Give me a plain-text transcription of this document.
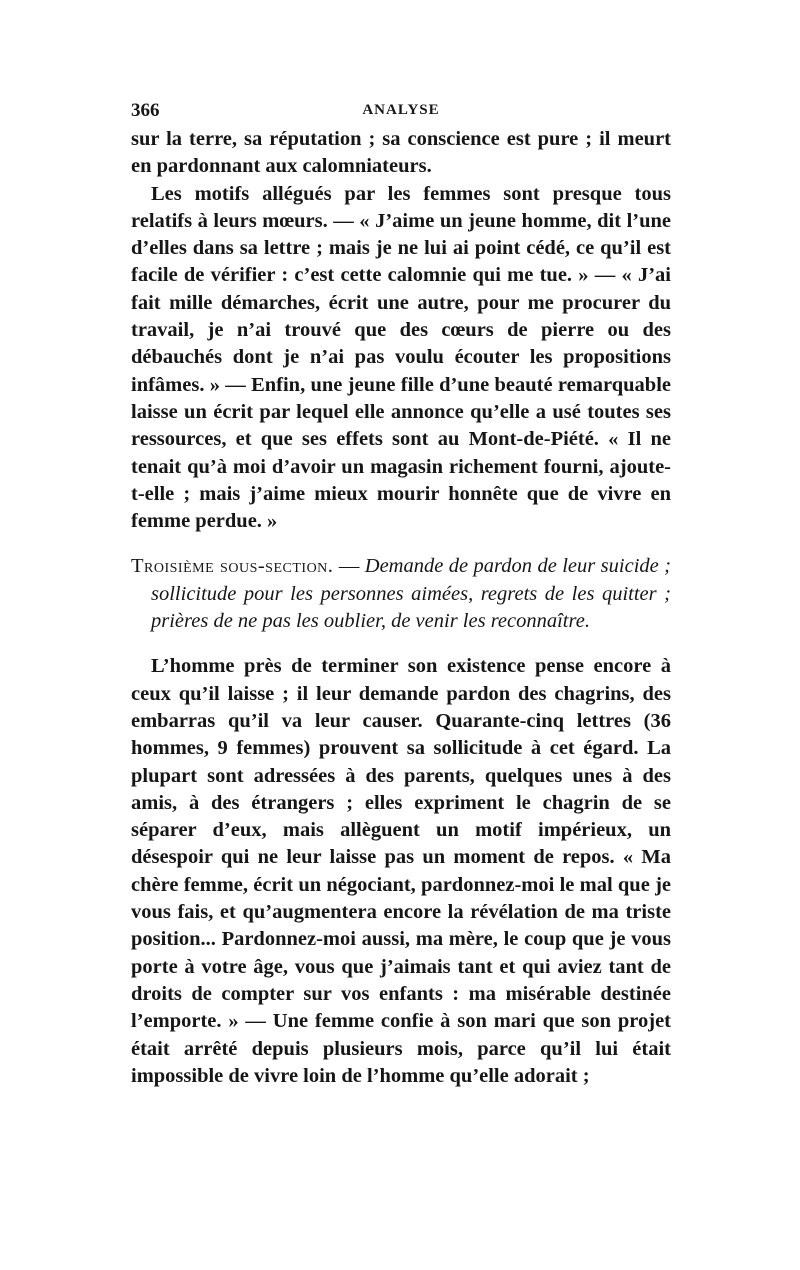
366	ANALYSE

sur la terre, sa réputation ; sa conscience est pure ; il meurt en pardonnant aux calomniateurs.

Les motifs allégués par les femmes sont presque tous relatifs à leurs mœurs. — « J’aime un jeune homme, dit l’une d’elles dans sa lettre ; mais je ne lui ai point cédé, ce qu’il est facile de vérifier : c’est cette calomnie qui me tue. » — « J’ai fait mille démarches, écrit une autre, pour me procurer du travail, je n’ai trouvé que des cœurs de pierre ou des débauchés dont je n’ai pas voulu écouter les propositions infâmes. » — Enfin, une jeune fille d’une beauté remarquable laisse un écrit par lequel elle annonce qu’elle a usé toutes ses ressources, et que ses effets sont au Mont-de-Piété. « Il ne tenait qu’à moi d’avoir un magasin richement fourni, ajoute-t-elle ; mais j’aime mieux mourir honnête que de vivre en femme perdue. »

Troisième sous-section. — Demande de pardon de leur suicide ; sollicitude pour les personnes aimées, regrets de les quitter ; prières de ne pas les oublier, de venir les reconnaître.

L’homme près de terminer son existence pense encore à ceux qu’il laisse ; il leur demande pardon des chagrins, des embarras qu’il va leur causer. Quarante-cinq lettres (36 hommes, 9 femmes) prouvent sa sollicitude à cet égard. La plupart sont adressées à des parents, quelques unes à des amis, à des étrangers ; elles expriment le chagrin de se séparer d’eux, mais allèguent un motif impérieux, un désespoir qui ne leur laisse pas un moment de repos. « Ma chère femme, écrit un négociant, pardonnez-moi le mal que je vous fais, et qu’augmentera encore la révélation de ma triste position... Pardonnez-moi aussi, ma mère, le coup que je vous porte à votre âge, vous que j’aimais tant et qui aviez tant de droits de compter sur vos enfants : ma misérable destinée l’emporte. » — Une femme confie à son mari que son projet était arrêté depuis plusieurs mois, parce qu’il lui était impossible de vivre loin de l’homme qu’elle adorait ;
